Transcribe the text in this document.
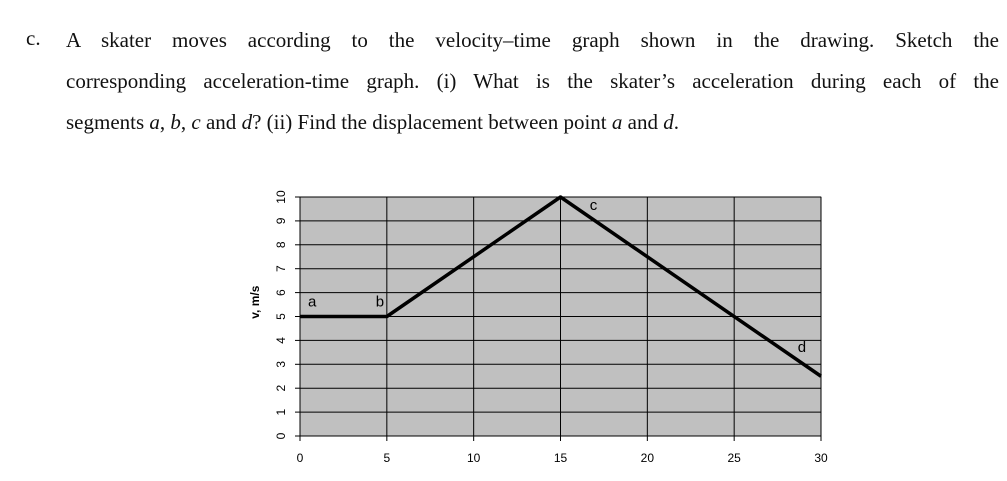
c. A skater moves according to the velocity–time graph shown in the drawing. Sketch the
corresponding acceleration-time graph. (i) What is the skater’s acceleration during each of the
segments a, b, c and d? (ii) Find the displacement between point a and d.
0
1
2
3
4
5
6
7
8
9
10
0	5	10	15	20	25	30
a	b
c
d
v, m/s
